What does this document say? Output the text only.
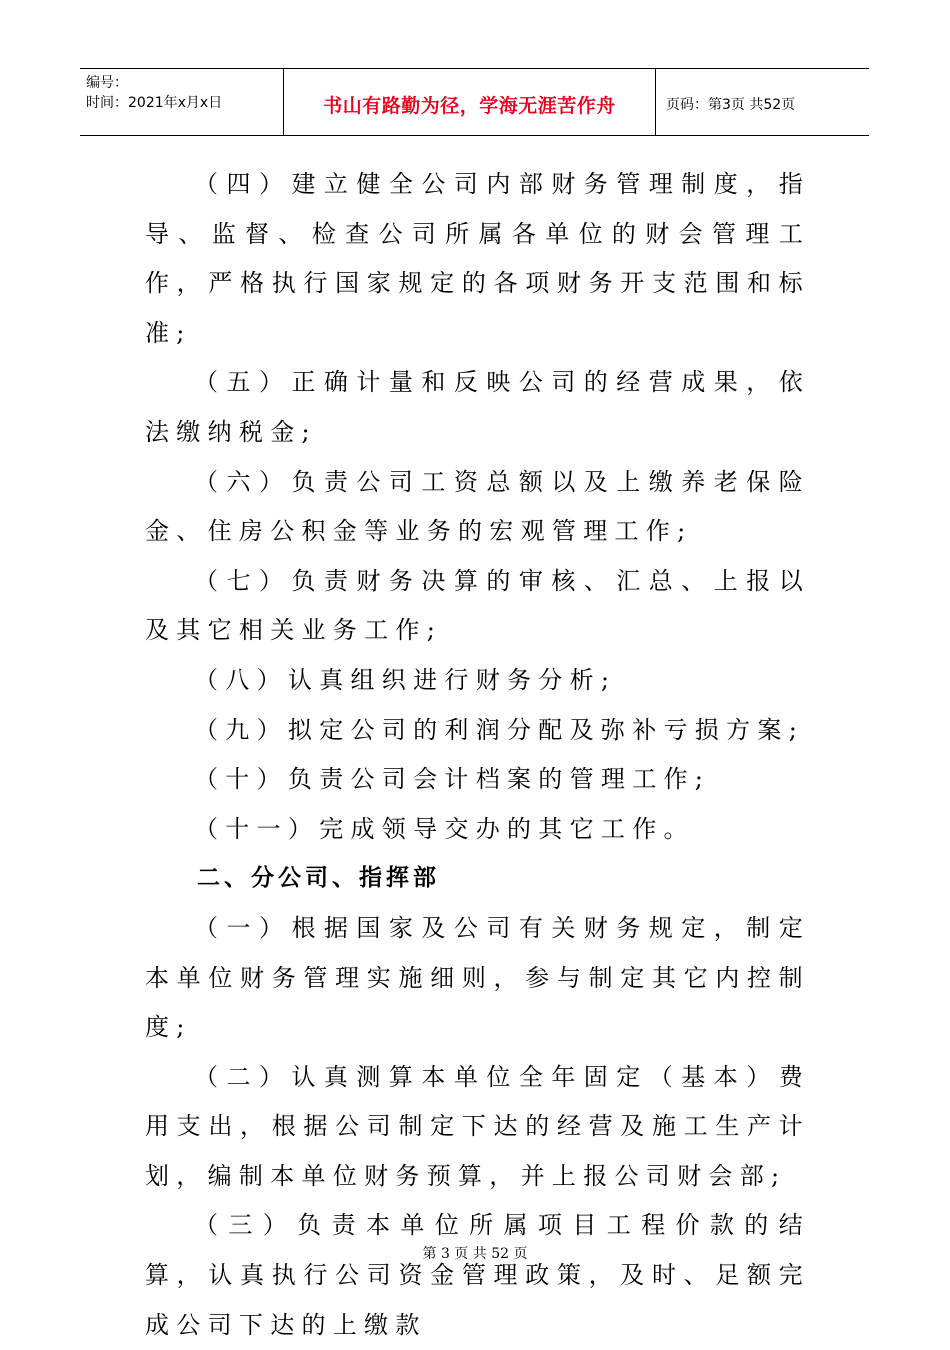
编号：
时间：2021年x月x日	书山有路勤为径，学海无涯苦作舟	页码：第3页 共52页

（四）建立健全公司内部财务管理制度，指导、监督、检查公司所属各单位的财会管理工作，严格执行国家规定的各项财务开支范围和标准;

（五）正确计量和反映公司的经营成果，依法缴纳税金;

（六）负责公司工资总额以及上缴养老保险金、住房公积金等业务的宏观管理工作;

（七）负责财务决算的审核、汇总、上报以及其它相关业务工作;

（八）认真组织进行财务分析;

（九）拟定公司的利润分配及弥补亏损方案;

（十）负责公司会计档案的管理工作;

（十一）完成领导交办的其它工作。

二、分公司、指挥部

（一）根据国家及公司有关财务规定，制定本单位财务管理实施细则，参与制定其它内控制度;

（二）认真测算本单位全年固定（基本）费用支出，根据公司制定下达的经营及施工生产计划，编制本单位财务预算，并上报公司财会部;

（三）负责本单位所属项目工程价款的结算，认真执行公司资金管理政策，及时、足额完成公司下达的上缴款

第 3 页 共 52 页
